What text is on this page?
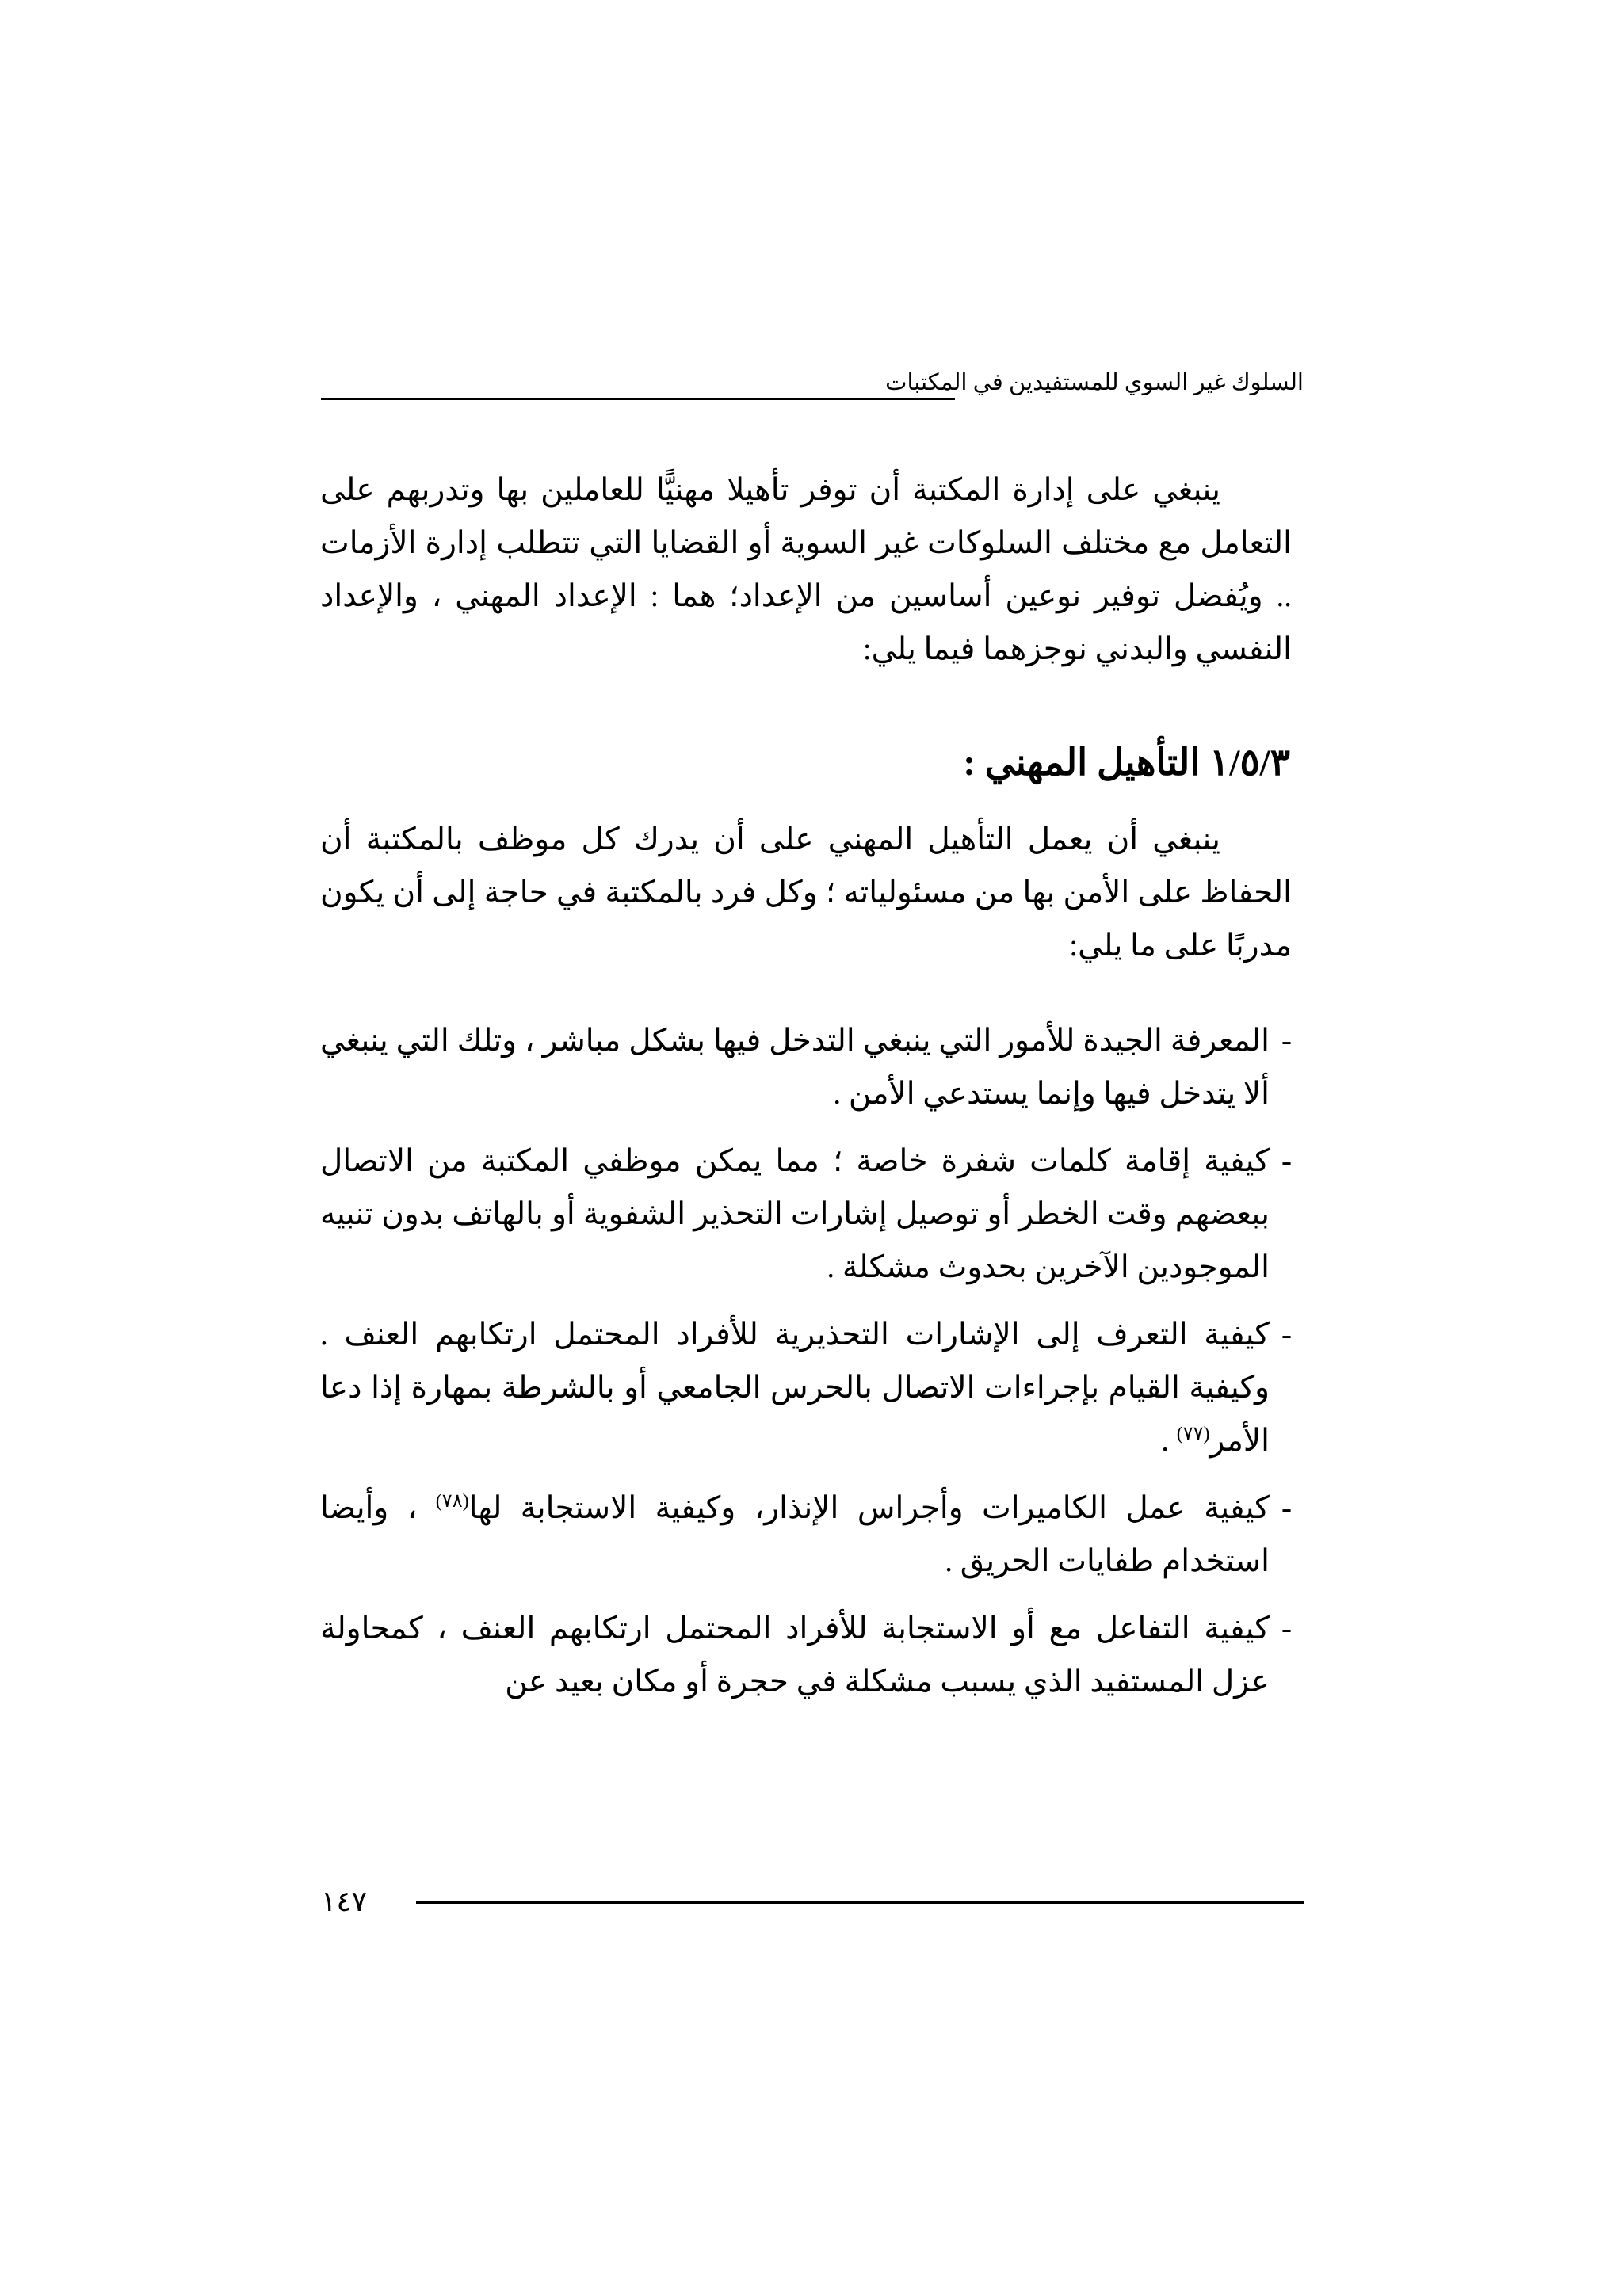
السلوك غير السوي للمستفيدين في المكتبات

ينبغي على إدارة المكتبة أن توفر تأهيلا مهنيًّا للعاملين بها وتدربهم على التعامل مع مختلف السلوكات غير السوية أو القضايا التي تتطلب إدارة الأزمات .. ويُفضل توفير نوعين أساسين من الإعداد؛ هما : الإعداد المهني ، والإعداد النفسي والبدني نوجزهما فيما يلي:

١/٥/٣ التأهيل المهني :

ينبغي أن يعمل التأهيل المهني على أن يدرك كل موظف بالمكتبة أن الحفاظ على الأمن بها من مسئولياته ؛ وكل فرد بالمكتبة في حاجة إلى أن يكون مدربًا على ما يلي:

-
المعرفة الجيدة للأمور التي ينبغي التدخل فيها بشكل مباشر ، وتلك التي ينبغي ألا يتدخل فيها وإنما يستدعي الأمن .
-
كيفية إقامة كلمات شفرة خاصة ؛ مما يمكن موظفي المكتبة من الاتصال ببعضهم وقت الخطر أو توصيل إشارات التحذير الشفوية أو بالهاتف بدون تنبيه الموجودين الآخرين بحدوث مشكلة .
-
كيفية التعرف إلى الإشارات التحذيرية للأفراد المحتمل ارتكابهم العنف . وكيفية القيام بإجراءات الاتصال بالحرس الجامعي أو بالشرطة بمهارة إذا دعا الأمر$^{(٧٧)}$ .
-
كيفية عمل الكاميرات وأجراس الإنذار، وكيفية الاستجابة لها$^{(٧٨)}$ ، وأيضا استخدام طفايات الحريق .
-
كيفية التفاعل مع أو الاستجابة للأفراد المحتمل ارتكابهم العنف ، كمحاولة عزل المستفيد الذي يسبب مشكلة في حجرة أو مكان بعيد عن
١٤٧
